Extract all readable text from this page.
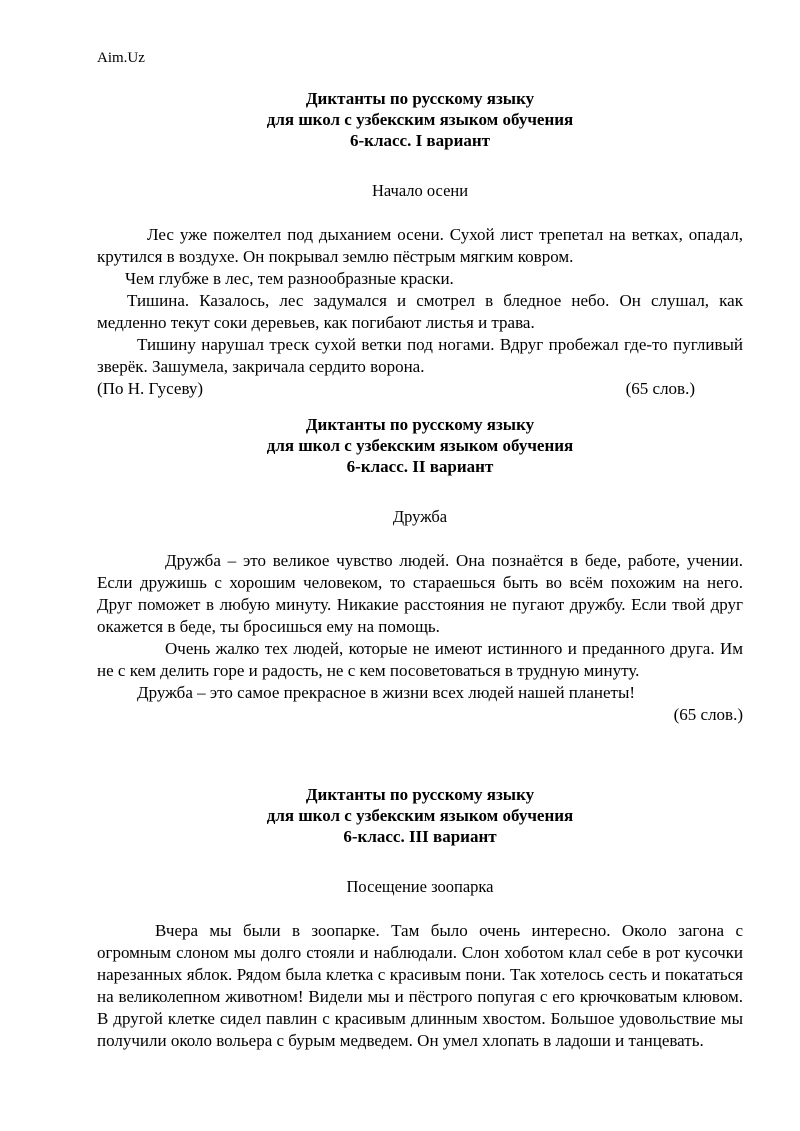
Aim.Uz

Диктанты по русскому языку

для школ с узбекским языком обучения

6-класс. I вариант

Начало осени

Лес уже пожелтел под дыханием осени. Сухой лист трепетал на ветках, опадал, крутился в воздухе. Он покрывал землю пёстрым мягким ковром.

Чем глубже в лес, тем разнообразные краски.

Тишина. Казалось, лес задумался и смотрел в бледное небо. Он слушал, как медленно текут соки деревьев, как погибают листья и трава.

Тишину нарушал треск сухой ветки под ногами. Вдруг пробежал где-то пугливый зверёк. Зашумела, закричала сердито ворона.

(По Н. Гусеву)	(65 слов.)

Диктанты по русскому языку

для школ с узбекским языком обучения

6-класс. II вариант

Дружба

Дружба – это великое чувство людей. Она познаётся в беде, работе, учении. Если дружишь с хорошим человеком, то стараешься быть во всём похожим на него. Друг поможет в любую минуту. Никакие расстояния не пугают дружбу. Если твой друг окажется в беде, ты бросишься ему на помощь.

Очень жалко тех людей, которые не имеют истинного и преданного друга. Им не с кем делить горе и радость, не с кем посоветоваться в трудную минуту.

Дружба – это самое прекрасное в жизни всех людей нашей планеты!

(65 слов.)

Диктанты по русскому языку

для школ с узбекским языком обучения

6-класс. III вариант

Посещение зоопарка

Вчера мы были в зоопарке. Там было очень интересно. Около загона с огромным слоном мы долго стояли и наблюдали. Слон хоботом клал себе в рот кусочки нарезанных яблок. Рядом была клетка с красивым пони. Так хотелось сесть и покататься на великолепном животном! Видели мы и пёстрого попугая с его крючковатым клювом. В другой клетке сидел павлин с красивым длинным хвостом. Большое удовольствие мы получили около вольера с бурым медведем. Он умел хлопать в ладоши и танцевать.
